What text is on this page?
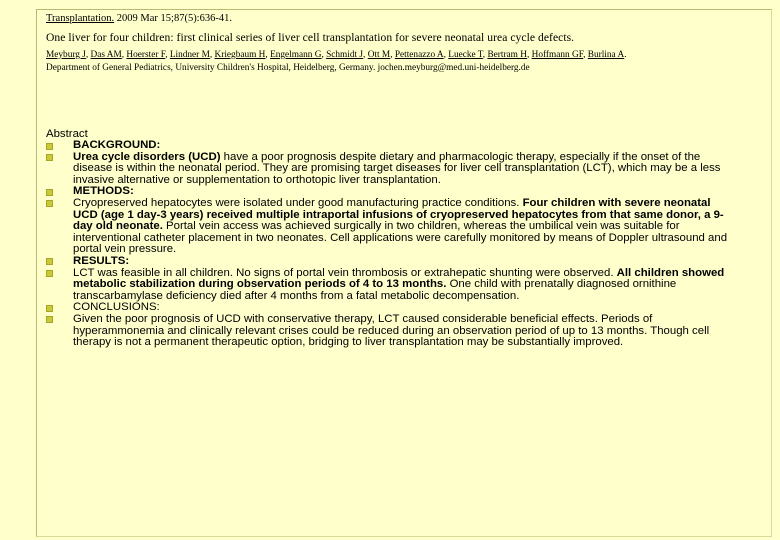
Transplantation. 2009 Mar 15;87(5):636-41.
One liver for four children: first clinical series of liver cell transplantation for severe neonatal urea cycle defects.
Meyburg J, Das AM, Hoerster F, Lindner M, Kriegbaum H, Engelmann G, Schmidt J, Ott M, Pettenazzo A, Luecke T, Bertram H, Hoffmann GF, Burlina A.
Department of General Pediatrics, University Children's Hospital, Heidelberg, Germany. jochen.meyburg@med.uni-heidelberg.de
Abstract
BACKGROUND:
Urea cycle disorders (UCD) have a poor prognosis despite dietary and pharmacologic therapy, especially if the onset of the disease is within the neonatal period. They are promising target diseases for liver cell transplantation (LCT), which may be a less invasive alternative or supplementation to orthotopic liver transplantation.
METHODS:
Cryopreserved hepatocytes were isolated under good manufacturing practice conditions. Four children with severe neonatal UCD (age 1 day-3 years) received multiple intraportal infusions of cryopreserved hepatocytes from that same donor, a 9-day old neonate. Portal vein access was achieved surgically in two children, whereas the umbilical vein was suitable for interventional catheter placement in two neonates. Cell applications were carefully monitored by means of Doppler ultrasound and portal vein pressure.
RESULTS:
LCT was feasible in all children. No signs of portal vein thrombosis or extrahepatic shunting were observed. All children showed metabolic stabilization during observation periods of 4 to 13 months. One child with prenatally diagnosed ornithine transcarbamylase deficiency died after 4 months from a fatal metabolic decompensation.
CONCLUSIONS:
Given the poor prognosis of UCD with conservative therapy, LCT caused considerable beneficial effects. Periods of hyperammonemia and clinically relevant crises could be reduced during an observation period of up to 13 months. Though cell therapy is not a permanent therapeutic option, bridging to liver transplantation may be substantially improved.
